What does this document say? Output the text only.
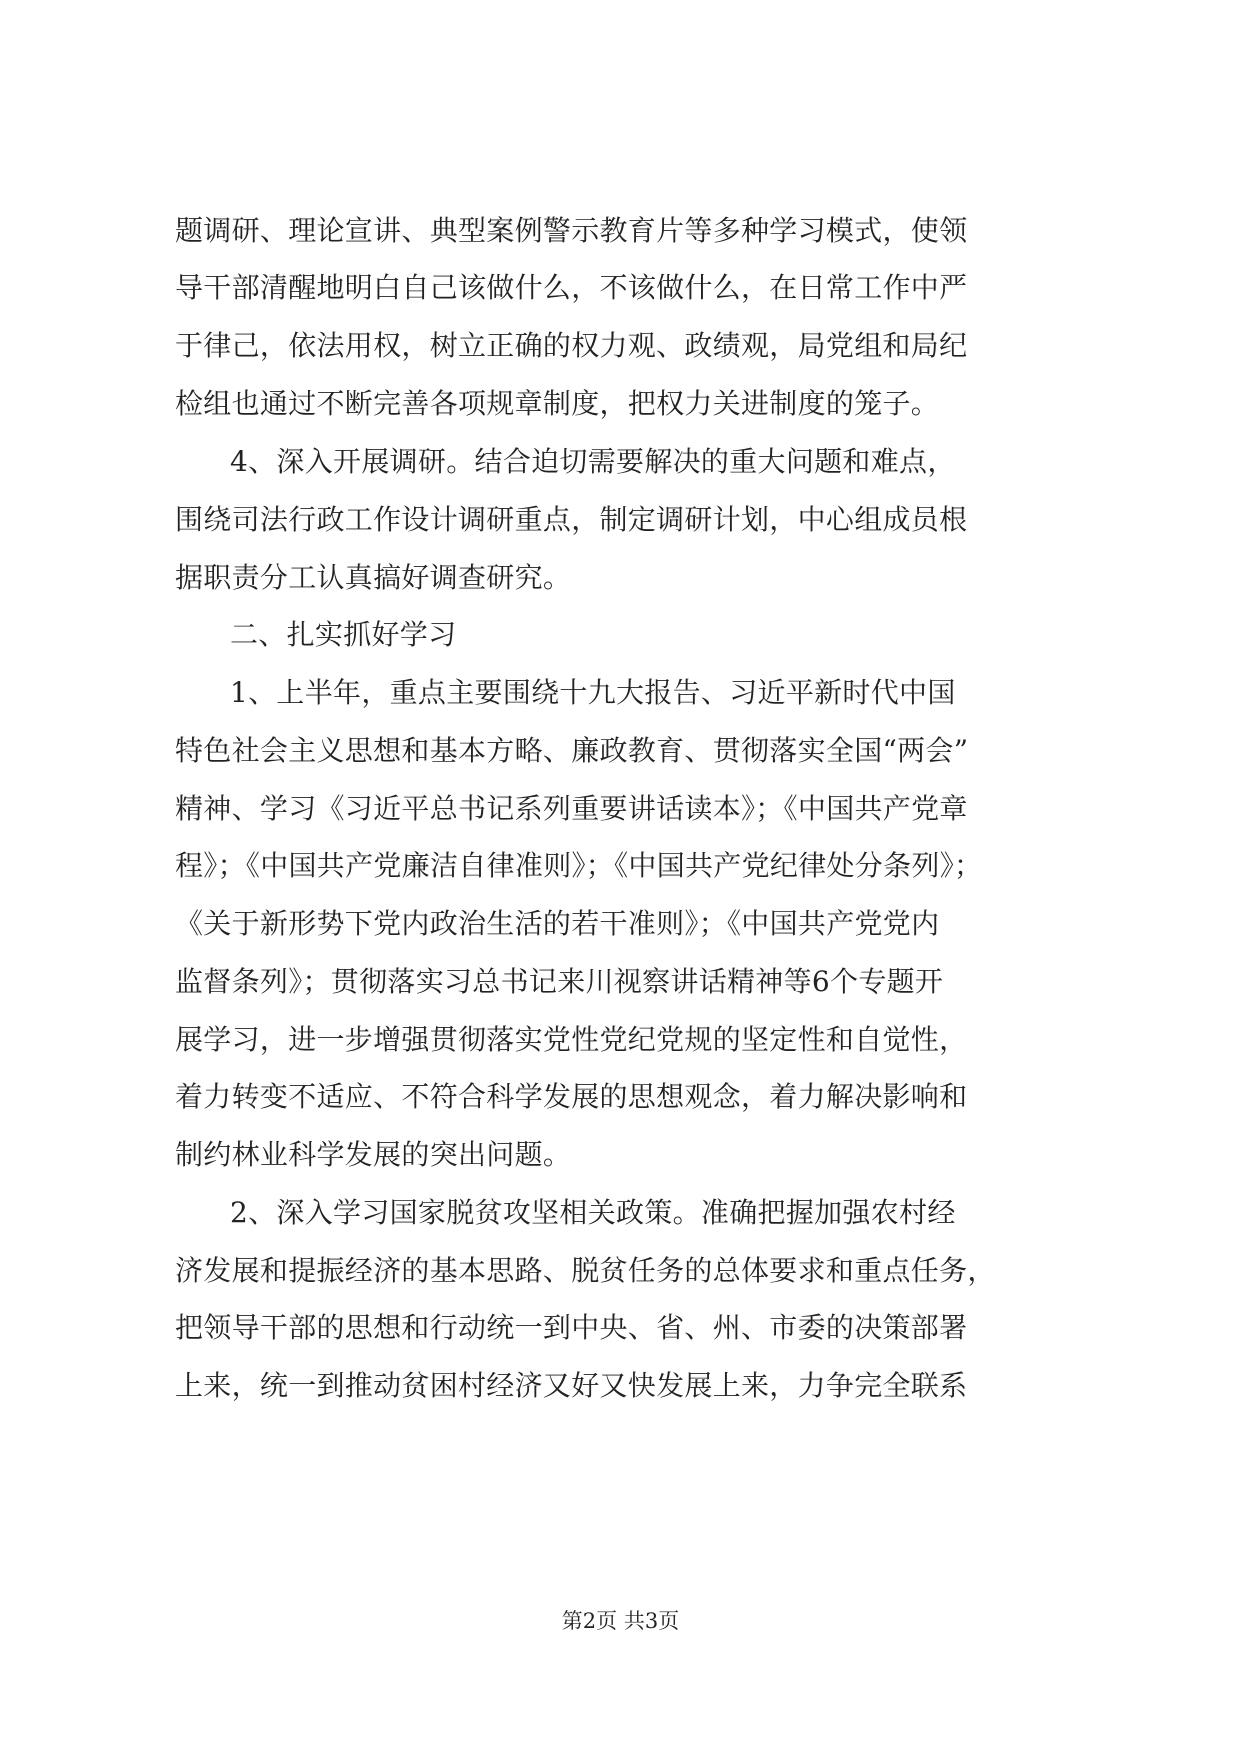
题调研、理论宣讲、典型案例警示教育片等多种学习模式，使领
导干部清醒地明白自己该做什么，不该做什么，在日常工作中严
于律己，依法用权，树立正确的权力观、政绩观，局党组和局纪
检组也通过不断完善各项规章制度，把权力关进制度的笼子。
4、深入开展调研。结合迫切需要解决的重大问题和难点，
围绕司法行政工作设计调研重点，制定调研计划，中心组成员根
据职责分工认真搞好调查研究。
二、扎实抓好学习
1、上半年，重点主要围绕十九大报告、习近平新时代中国
特色社会主义思想和基本方略、廉政教育、贯彻落实全国“两会”
精神、学习《习近平总书记系列重要讲话读本》；《中国共产党章
程》；《中国共产党廉洁自律准则》；《中国共产党纪律处分条列》；
《关于新形势下党内政治生活的若干准则》；《中国共产党党内
监督条列》；贯彻落实习总书记来川视察讲话精神等6个专题开
展学习，进一步增强贯彻落实党性党纪党规的坚定性和自觉性，
着力转变不适应、不符合科学发展的思想观念，着力解决影响和
制约林业科学发展的突出问题。
2、深入学习国家脱贫攻坚相关政策。准确把握加强农村经
济发展和提振经济的基本思路、脱贫任务的总体要求和重点任务，
把领导干部的思想和行动统一到中央、省、州、市委的决策部署
上来，统一到推动贫困村经济又好又快发展上来，力争完全联系
第2页 共3页
